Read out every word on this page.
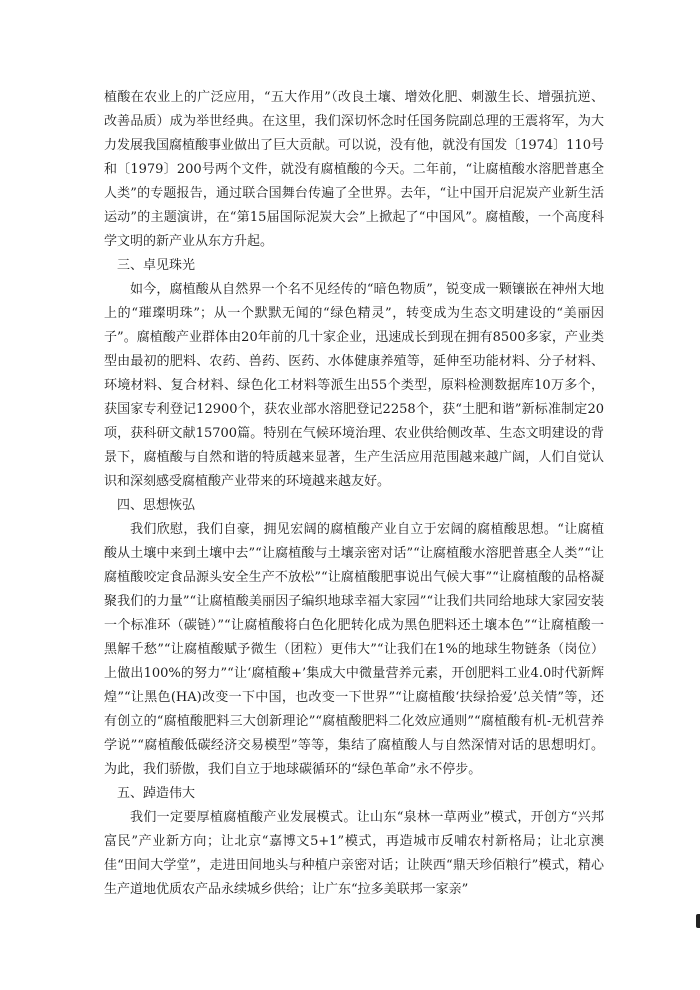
植酸在农业上的广泛应用，“五大作用”（改良土壤、增效化肥、刺激生长、增强抗逆、改善品质）成为举世经典。在这里，我们深切怀念时任国务院副总理的王震将军，为大力发展我国腐植酸事业做出了巨大贡献。可以说，没有他，就没有国发〔1974〕110号和〔1979〕200号两个文件，就没有腐植酸的今天。二年前，“让腐植酸水溶肥普惠全人类”的专题报告，通过联合国舞台传遍了全世界。去年，“让中国开启泥炭产业新生活运动”的主题演讲，在“第15届国际泥炭大会”上掀起了“中国风”。腐植酸，一个高度科学文明的新产业从东方升起。

三、卓见珠光

如今，腐植酸从自然界一个名不见经传的“暗色物质”，锐变成一颗镶嵌在神州大地上的“璀璨明珠”；从一个默默无闻的“绿色精灵”，转变成为生态文明建设的“美丽因子”。腐植酸产业群体由20年前的几十家企业，迅速成长到现在拥有8500多家，产业类型由最初的肥料、农药、兽药、医药、水体健康养殖等，延伸至功能材料、分子材料、环境材料、复合材料、绿色化工材料等派生出55个类型，原料检测数据库10万多个，获国家专利登记12900个，获农业部水溶肥登记2258个，获“土肥和谐”新标准制定20项，获科研文献15700篇。特别在气候环境治理、农业供给侧改革、生态文明建设的背景下，腐植酸与自然和谐的特质越来显著，生产生活应用范围越来越广阔，人们自觉认识和深刻感受腐植酸产业带来的环境越来越友好。

四、思想恢弘

我们欣慰，我们自豪，拥见宏阔的腐植酸产业自立于宏阔的腐植酸思想。“让腐植酸从土壤中来到土壤中去”“让腐植酸与土壤亲密对话”“让腐植酸水溶肥普惠全人类”“让腐植酸咬定食品源头安全生产不放松”“让腐植酸肥事说出气候大事”“让腐植酸的品格凝聚我们的力量”“让腐植酸美丽因子编织地球幸福大家园”“让我们共同给地球大家园安装一个标准环（碳链）”“让腐植酸将白色化肥转化成为黑色肥料还土壤本色”“让腐植酸一黑解千愁”“让腐植酸赋予微生（团粒）更伟大”“让我们在1%的地球生物链条（岗位）上做出100%的努力”“让‘腐植酸+’集成大中微量营养元素，开创肥料工业4.0时代新辉煌”“让黑色(HA)改变一下中国，也改变一下世界”“让腐植酸‘扶绿拾爱’总关情”等，还有创立的“腐植酸肥料三大创新理论”“腐植酸肥料二化效应通则”“腐植酸有机-无机营养学说”“腐植酸低碳经济交易模型”等等，集结了腐植酸人与自然深情对话的思想明灯。为此，我们骄傲，我们自立于地球碳循环的“绿色革命”永不停步。

五、踔造伟大

我们一定要厚植腐植酸产业发展模式。让山东“泉林一草两业”模式，开创方“兴邦富民”产业新方向；让北京“嘉博文5+1”模式，再造城市反哺农村新格局；让北京澳佳“田间大学堂”，走进田间地头与种植户亲密对话；让陕西“鼎天珍佰粮行”模式，精心生产道地优质农产品永续城乡供给；让广东“拉多美联邦一家亲”
